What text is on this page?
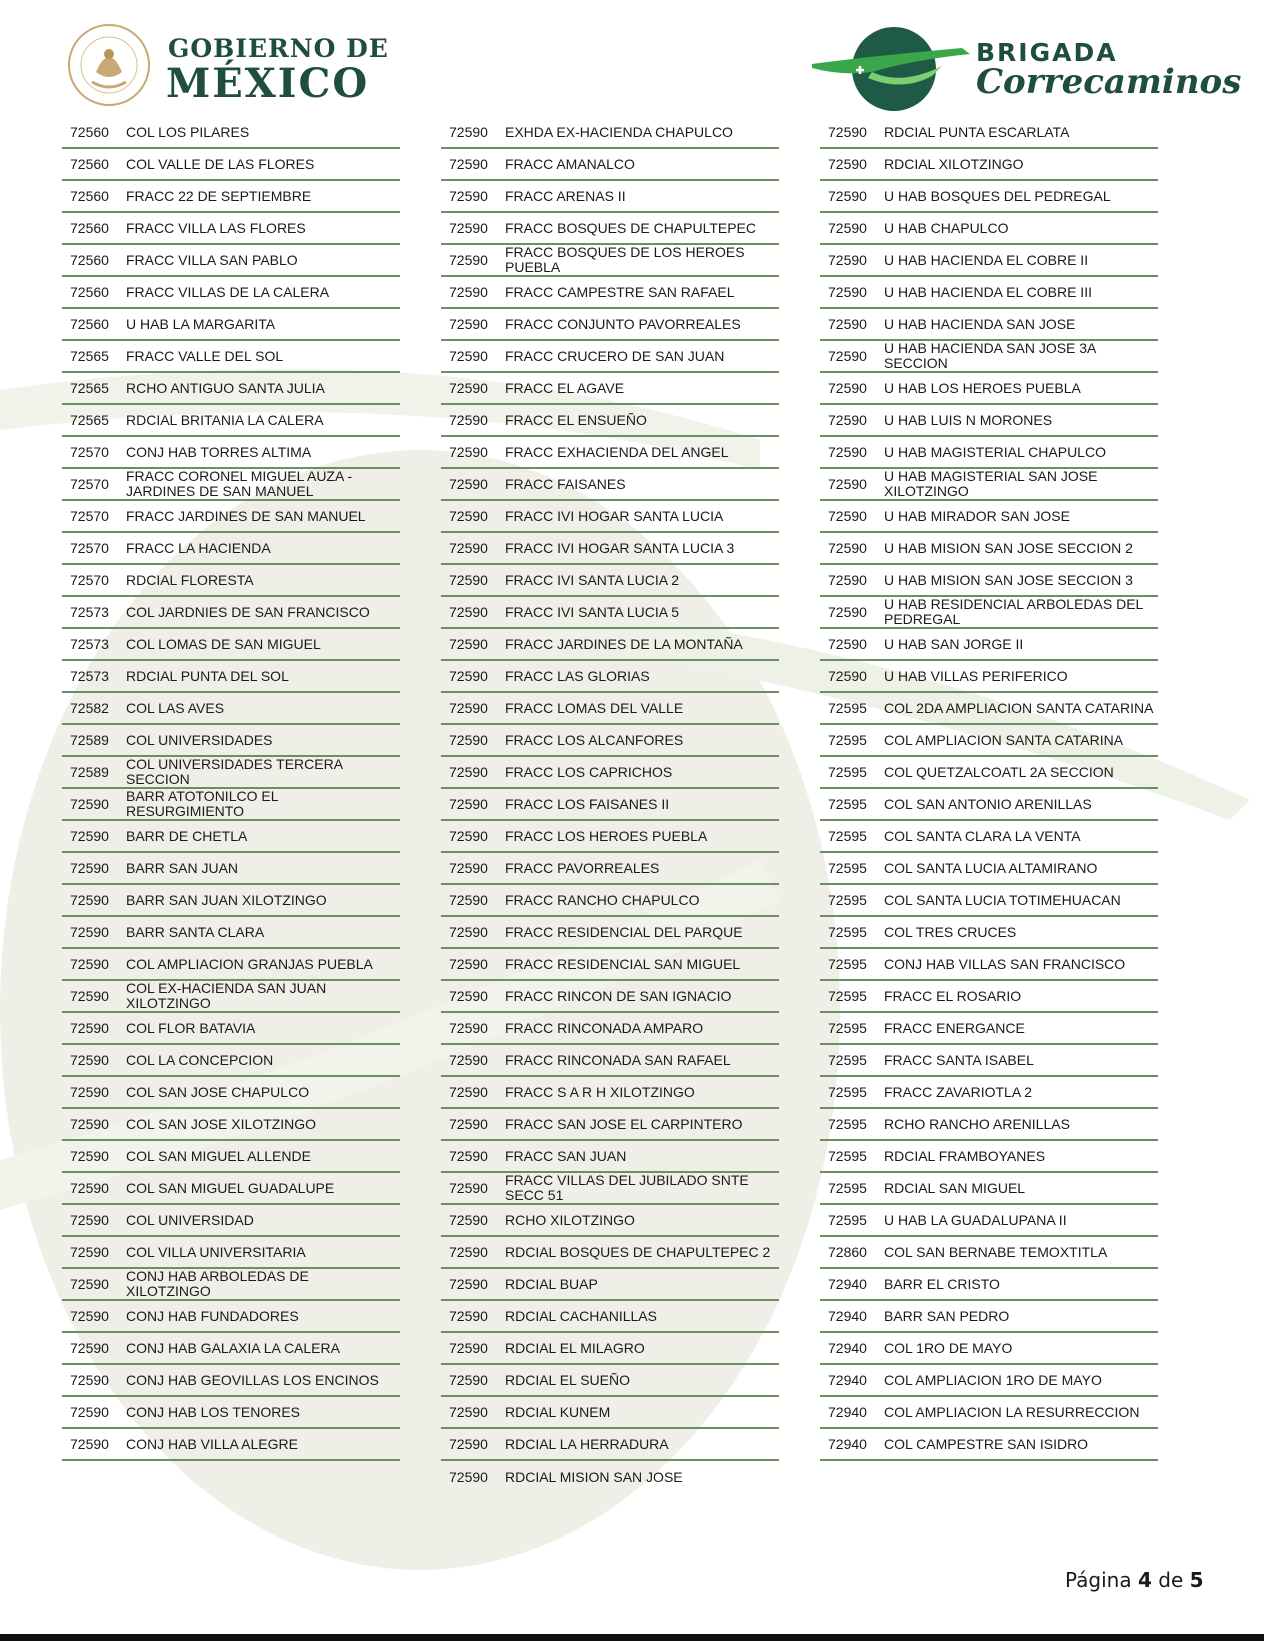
GOBIERNO DE
MÉXICO
BRIGADA
Correcaminos
72560	COL LOS PILARES
72560	COL VALLE DE LAS FLORES
72560	FRACC 22 DE SEPTIEMBRE
72560	FRACC VILLA LAS FLORES
72560	FRACC VILLA SAN PABLO
72560	FRACC VILLAS DE LA CALERA
72560	U HAB LA MARGARITA
72565	FRACC VALLE DEL SOL
72565	RCHO ANTIGUO SANTA JULIA
72565	RDCIAL BRITANIA LA CALERA
72570	CONJ HAB TORRES ALTIMA
72570	FRACC CORONEL MIGUEL AUZA - JARDINES DE SAN MANUEL
72570	FRACC JARDINES DE SAN MANUEL
72570	FRACC LA HACIENDA
72570	RDCIAL FLORESTA
72573	COL JARDNIES DE SAN FRANCISCO
72573	COL LOMAS DE SAN MIGUEL
72573	RDCIAL PUNTA DEL SOL
72582	COL LAS AVES
72589	COL UNIVERSIDADES
72589	COL UNIVERSIDADES TERCERA SECCION
72590	BARR ATOTONILCO EL RESURGIMIENTO
72590	BARR DE CHETLA
72590	BARR SAN JUAN
72590	BARR SAN JUAN XILOTZINGO
72590	BARR SANTA CLARA
72590	COL AMPLIACION GRANJAS PUEBLA
72590	COL EX-HACIENDA SAN JUAN XILOTZINGO
72590	COL FLOR BATAVIA
72590	COL LA CONCEPCION
72590	COL SAN JOSE CHAPULCO
72590	COL SAN JOSE XILOTZINGO
72590	COL SAN MIGUEL ALLENDE
72590	COL SAN MIGUEL GUADALUPE
72590	COL UNIVERSIDAD
72590	COL VILLA UNIVERSITARIA
72590	CONJ HAB ARBOLEDAS DE XILOTZINGO
72590	CONJ HAB FUNDADORES
72590	CONJ HAB GALAXIA LA CALERA
72590	CONJ HAB GEOVILLAS LOS ENCINOS
72590	CONJ HAB LOS TENORES
72590	CONJ HAB VILLA ALEGRE
72590	EXHDA EX-HACIENDA CHAPULCO
72590	FRACC AMANALCO
72590	FRACC ARENAS II
72590	FRACC BOSQUES DE CHAPULTEPEC
72590	FRACC BOSQUES DE LOS HEROES PUEBLA
72590	FRACC CAMPESTRE SAN RAFAEL
72590	FRACC CONJUNTO PAVORREALES
72590	FRACC CRUCERO DE SAN JUAN
72590	FRACC EL AGAVE
72590	FRACC EL ENSUEÑO
72590	FRACC EXHACIENDA DEL ANGEL
72590	FRACC FAISANES
72590	FRACC IVI HOGAR SANTA LUCIA
72590	FRACC IVI HOGAR SANTA LUCIA 3
72590	FRACC IVI SANTA LUCIA 2
72590	FRACC IVI SANTA LUCIA 5
72590	FRACC JARDINES DE LA MONTAÑA
72590	FRACC LAS GLORIAS
72590	FRACC LOMAS DEL VALLE
72590	FRACC LOS ALCANFORES
72590	FRACC LOS CAPRICHOS
72590	FRACC LOS FAISANES II
72590	FRACC LOS HEROES PUEBLA
72590	FRACC PAVORREALES
72590	FRACC RANCHO CHAPULCO
72590	FRACC RESIDENCIAL DEL PARQUE
72590	FRACC RESIDENCIAL SAN MIGUEL
72590	FRACC RINCON DE SAN IGNACIO
72590	FRACC RINCONADA AMPARO
72590	FRACC RINCONADA SAN RAFAEL
72590	FRACC S A R H XILOTZINGO
72590	FRACC SAN JOSE EL CARPINTERO
72590	FRACC SAN JUAN
72590	FRACC VILLAS DEL JUBILADO SNTE SECC 51
72590	RCHO XILOTZINGO
72590	RDCIAL BOSQUES DE CHAPULTEPEC 2
72590	RDCIAL BUAP
72590	RDCIAL CACHANILLAS
72590	RDCIAL EL MILAGRO
72590	RDCIAL EL SUEÑO
72590	RDCIAL KUNEM
72590	RDCIAL LA HERRADURA
72590	RDCIAL MISION SAN JOSE
72590	RDCIAL PUNTA ESCARLATA
72590	RDCIAL XILOTZINGO
72590	U HAB BOSQUES DEL PEDREGAL
72590	U HAB CHAPULCO
72590	U HAB HACIENDA EL COBRE II
72590	U HAB HACIENDA EL COBRE III
72590	U HAB HACIENDA SAN JOSE
72590	U HAB HACIENDA SAN JOSE 3A SECCION
72590	U HAB LOS HEROES PUEBLA
72590	U HAB LUIS N MORONES
72590	U HAB MAGISTERIAL CHAPULCO
72590	U HAB MAGISTERIAL SAN JOSE XILOTZINGO
72590	U HAB MIRADOR SAN JOSE
72590	U HAB MISION SAN JOSE SECCION 2
72590	U HAB MISION SAN JOSE SECCION 3
72590	U HAB RESIDENCIAL ARBOLEDAS DEL PEDREGAL
72590	U HAB SAN JORGE II
72590	U HAB VILLAS PERIFERICO
72595	COL 2DA AMPLIACION SANTA CATARINA
72595	COL AMPLIACION SANTA CATARINA
72595	COL QUETZALCOATL 2A SECCION
72595	COL SAN ANTONIO ARENILLAS
72595	COL SANTA CLARA LA VENTA
72595	COL SANTA LUCIA ALTAMIRANO
72595	COL SANTA LUCIA TOTIMEHUACAN
72595	COL TRES CRUCES
72595	CONJ HAB VILLAS SAN FRANCISCO
72595	FRACC EL ROSARIO
72595	FRACC ENERGANCE
72595	FRACC SANTA ISABEL
72595	FRACC ZAVARIOTLA 2
72595	RCHO RANCHO ARENILLAS
72595	RDCIAL FRAMBOYANES
72595	RDCIAL SAN MIGUEL
72595	U HAB LA GUADALUPANA II
72860	COL SAN BERNABE TEMOXTITLA
72940	BARR EL CRISTO
72940	BARR SAN PEDRO
72940	COL 1RO DE MAYO
72940	COL AMPLIACION 1RO DE MAYO
72940	COL AMPLIACION LA RESURRECCION
72940	COL CAMPESTRE SAN ISIDRO
Página 4 de 5
